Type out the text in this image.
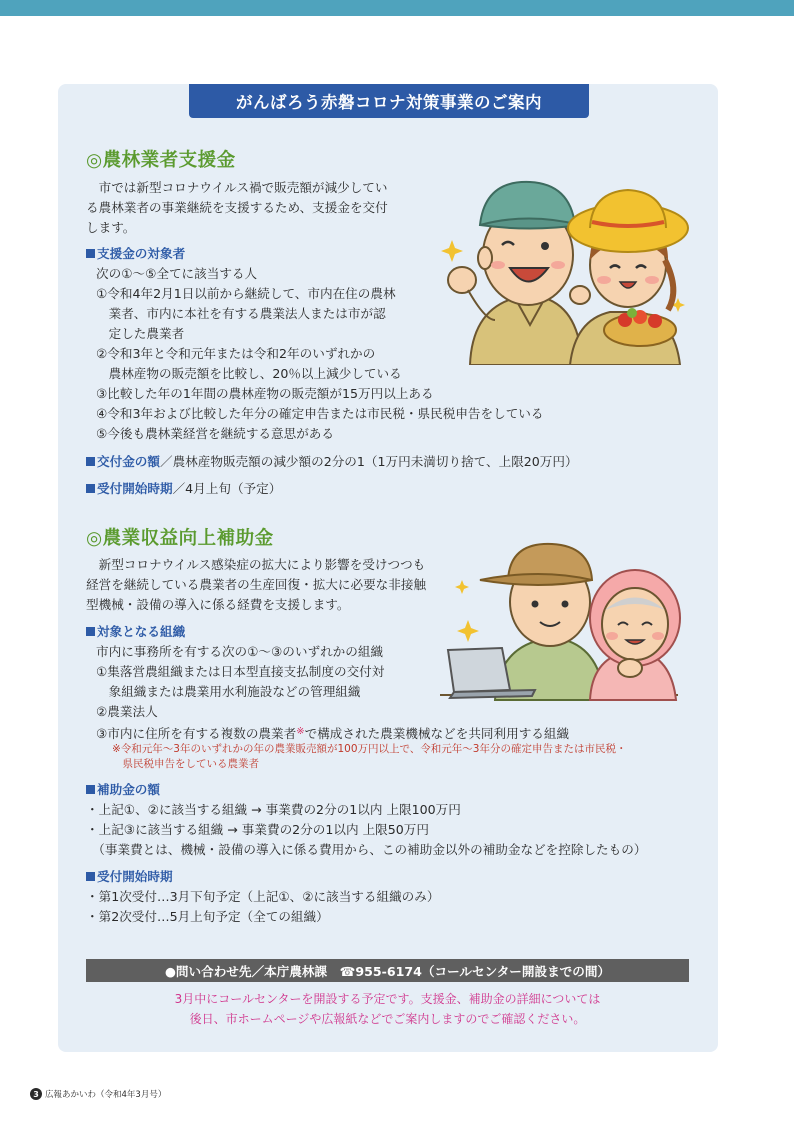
がんばろう赤磐コロナ対策事業のご案内
◎農林業者支援金
　市では新型コロナウイルス禍で販売額が減少してい
る農林業者の事業継続を支援するため、支援金を交付
します。
支援金の対象者
次の①～⑤全てに該当する人
①令和4年2月1日以前から継続して、市内在住の農林
　業者、市内に本社を有する農業法人または市が認
　定した農業者
②令和3年と令和元年または令和2年のいずれかの
　農林産物の販売額を比較し、20％以上減少している
③比較した年の1年間の農林産物の販売額が15万円以上ある
④令和3年および比較した年分の確定申告または市民税・県民税申告をしている
⑤今後も農林業経営を継続する意思がある
交付金の額／農林産物販売額の減少額の2分の1（1万円未満切り捨て、上限20万円）
受付開始時期／4月上旬（予定）
◎農業収益向上補助金
　新型コロナウイルス感染症の拡大により影響を受けつつも
経営を継続している農業者の生産回復・拡大に必要な非接触
型機械・設備の導入に係る経費を支援します。
対象となる組織
市内に事務所を有する次の①～③のいずれかの組織
①集落営農組織または日本型直接支払制度の交付対
　象組織または農業用水利施設などの管理組織
②農業法人
③市内に住所を有する複数の農業者※で構成された農業機械などを共同利用する組織
※令和元年～3年のいずれかの年の農業販売額が100万円以上で、令和元年～3年分の確定申告または市民税・
　県民税申告をしている農業者
補助金の額
・上記①、②に該当する組織 → 事業費の2分の1以内 上限100万円
・上記③に該当する組織 → 事業費の2分の1以内 上限50万円
　（事業費とは、機械・設備の導入に係る費用から、この補助金以外の補助金などを控除したもの）
受付開始時期
・第1次受付…3月下旬予定（上記①、②に該当する組織のみ）
・第2次受付…5月上旬予定（全ての組織）
●問い合わせ先／本庁農林課　☎955-6174（コールセンター開設までの間）
3月中にコールセンターを開設する予定です。支援金、補助金の詳細については
後日、市ホームページや広報紙などでご案内しますのでご確認ください。
3 広報あかいわ（令和4年3月号）
